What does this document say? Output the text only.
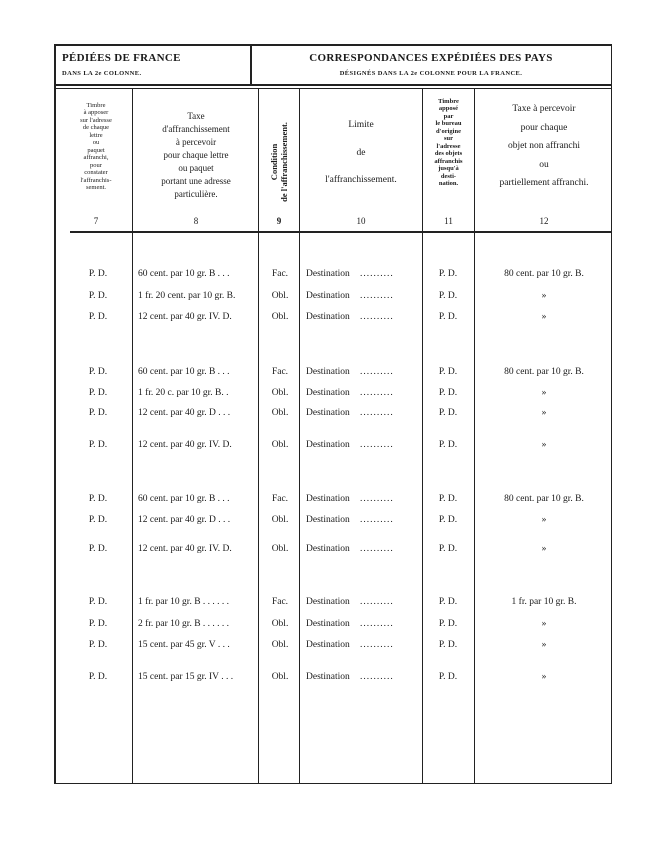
PÉDIÉES DE FRANCE
DANS LA 2e COLONNE.
CORRESPONDANCES EXPÉDIÉES DES PAYS
DÉSIGNÉS DANS LA 2e COLONNE POUR LA FRANCE.
Timbre
à apposer
sur l'adresse
de chaque
lettre
ou
paquet
affranchi,
pour
constater
l'affranchis-
sement.
7
Taxe
d'affranchissement
à percevoir
pour chaque lettre
ou paquet
portant une adresse
particulière.
8
Condition
de l'affranchissement.
9
Limite
de
l'affranchissement.
10
Timbre
apposé
par
le bureau
d'origine
sur
l'adresse
des objets
affranchis
jusqu'à
desti-
nation.
11
Taxe à percevoir
pour chaque
objet non affranchi
ou
partiellement affranchi.
12
P. D.	60 cent. par 10 gr. B . . .	Fac.	Destination ..........	P. D.	80 cent. par 10 gr. B.
P. D.	1 fr. 20 cent. par 10 gr. B.	Obl.	Destination ..........	P. D.	»
P. D.	12 cent. par 40 gr. IV. D.	Obl.	Destination ..........	P. D.	»
P. D.	60 cent. par 10 gr. B . . .	Fac.	Destination ..........	P. D.	80 cent. par 10 gr. B.
P. D.	1 fr. 20 c. par 10 gr. B. .	Obl.	Destination ..........	P. D.	»
P. D.	12 cent. par 40 gr. D . . .	Obl.	Destination ..........	P. D.	»
P. D.	12 cent. par 40 gr. IV. D.	Obl.	Destination ..........	P. D.	»
P. D.	60 cent. par 10 gr. B . . .	Fac.	Destination ..........	P. D.	80 cent. par 10 gr. B.
P. D.	12 cent. par 40 gr. D . . .	Obl.	Destination ..........	P. D.	»
P. D.	12 cent. par 40 gr. IV. D.	Obl.	Destination ..........	P. D.	»
P. D.	1 fr. par 10 gr. B . . . . . .	Fac.	Destination ..........	P. D.	1 fr. par 10 gr. B.
P. D.	2 fr. par 10 gr. B . . . . . .	Obl.	Destination ..........	P. D.	»
P. D.	15 cent. par 45 gr. V . . .	Obl.	Destination ..........	P. D.	»
P. D.	15 cent. par 15 gr. IV . . .	Obl.	Destination ..........	P. D.	»
